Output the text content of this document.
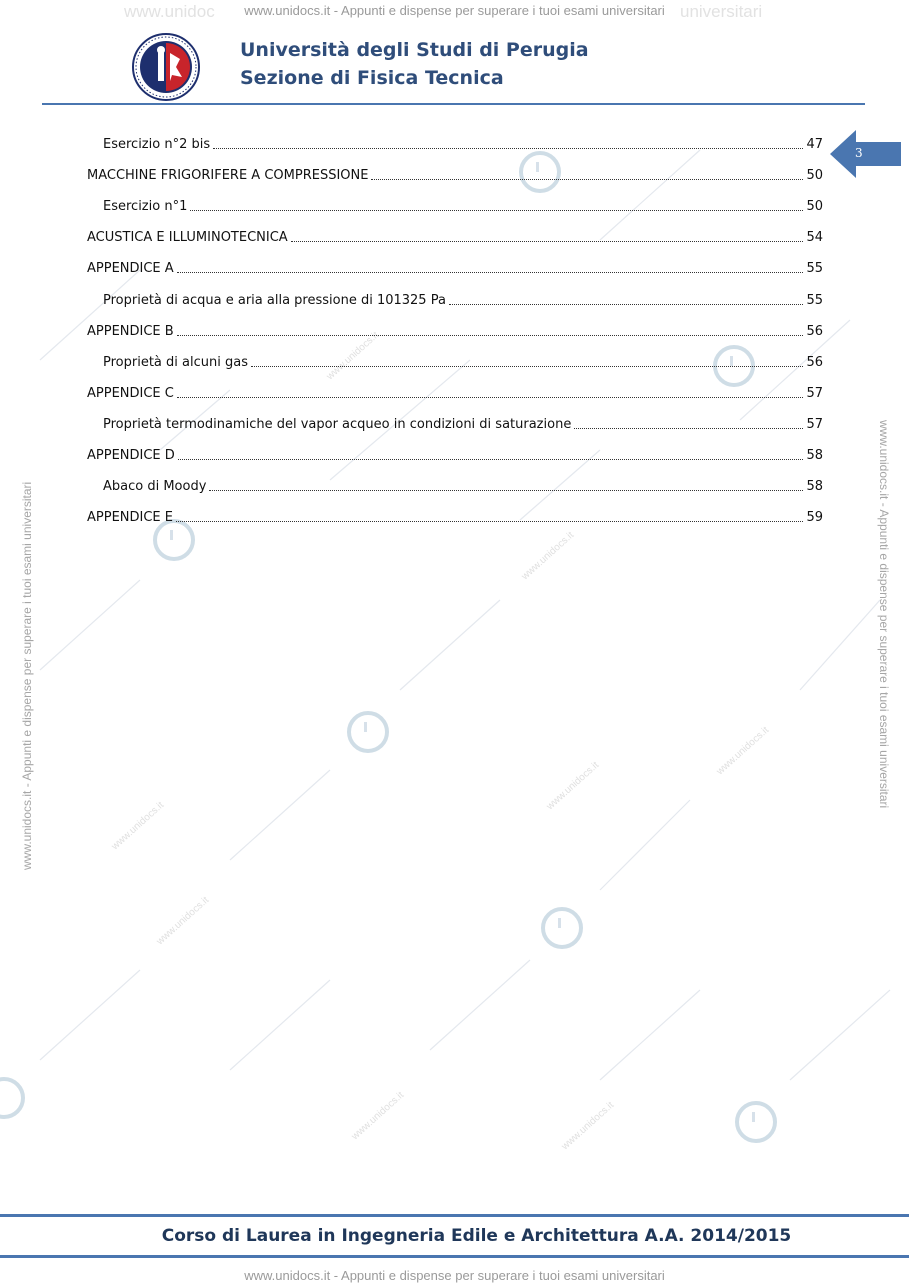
www.unidocs.it
www.unidocs.it
www.unidocs.it
www.unidocs.it
www.unidocs.it
www.unidocs.it
www.unidocs.it
www.unidocs.it
www.unidoc	universitari
www.unidocs.it - Appunti e dispense per superare i tuoi esami universitari
www.unidocs.it - Appunti e dispense per superare i tuoi esami universitari
www.unidocs.it - Appunti e dispense per superare i tuoi esami universitari	www.unidocs.it - Appunti e dispense per superare i tuoi esami universitari
Università degli Studi di Perugia
Sezione di Fisica Tecnica
3
Esercizio n°2 bis	47
MACCHINE FRIGORIFERE A COMPRESSIONE	50
Esercizio n°1	50
ACUSTICA E ILLUMINOTECNICA	54
APPENDICE A	55
Proprietà di acqua e aria alla pressione di 101325 Pa	55
APPENDICE B	56
Proprietà di alcuni gas	56
APPENDICE C	57
Proprietà termodinamiche del vapor acqueo in condizioni di saturazione	57
APPENDICE D	58
Abaco di Moody	58
APPENDICE E	59
Corso di Laurea in Ingegneria Edile e Architettura A.A. 2014/2015
